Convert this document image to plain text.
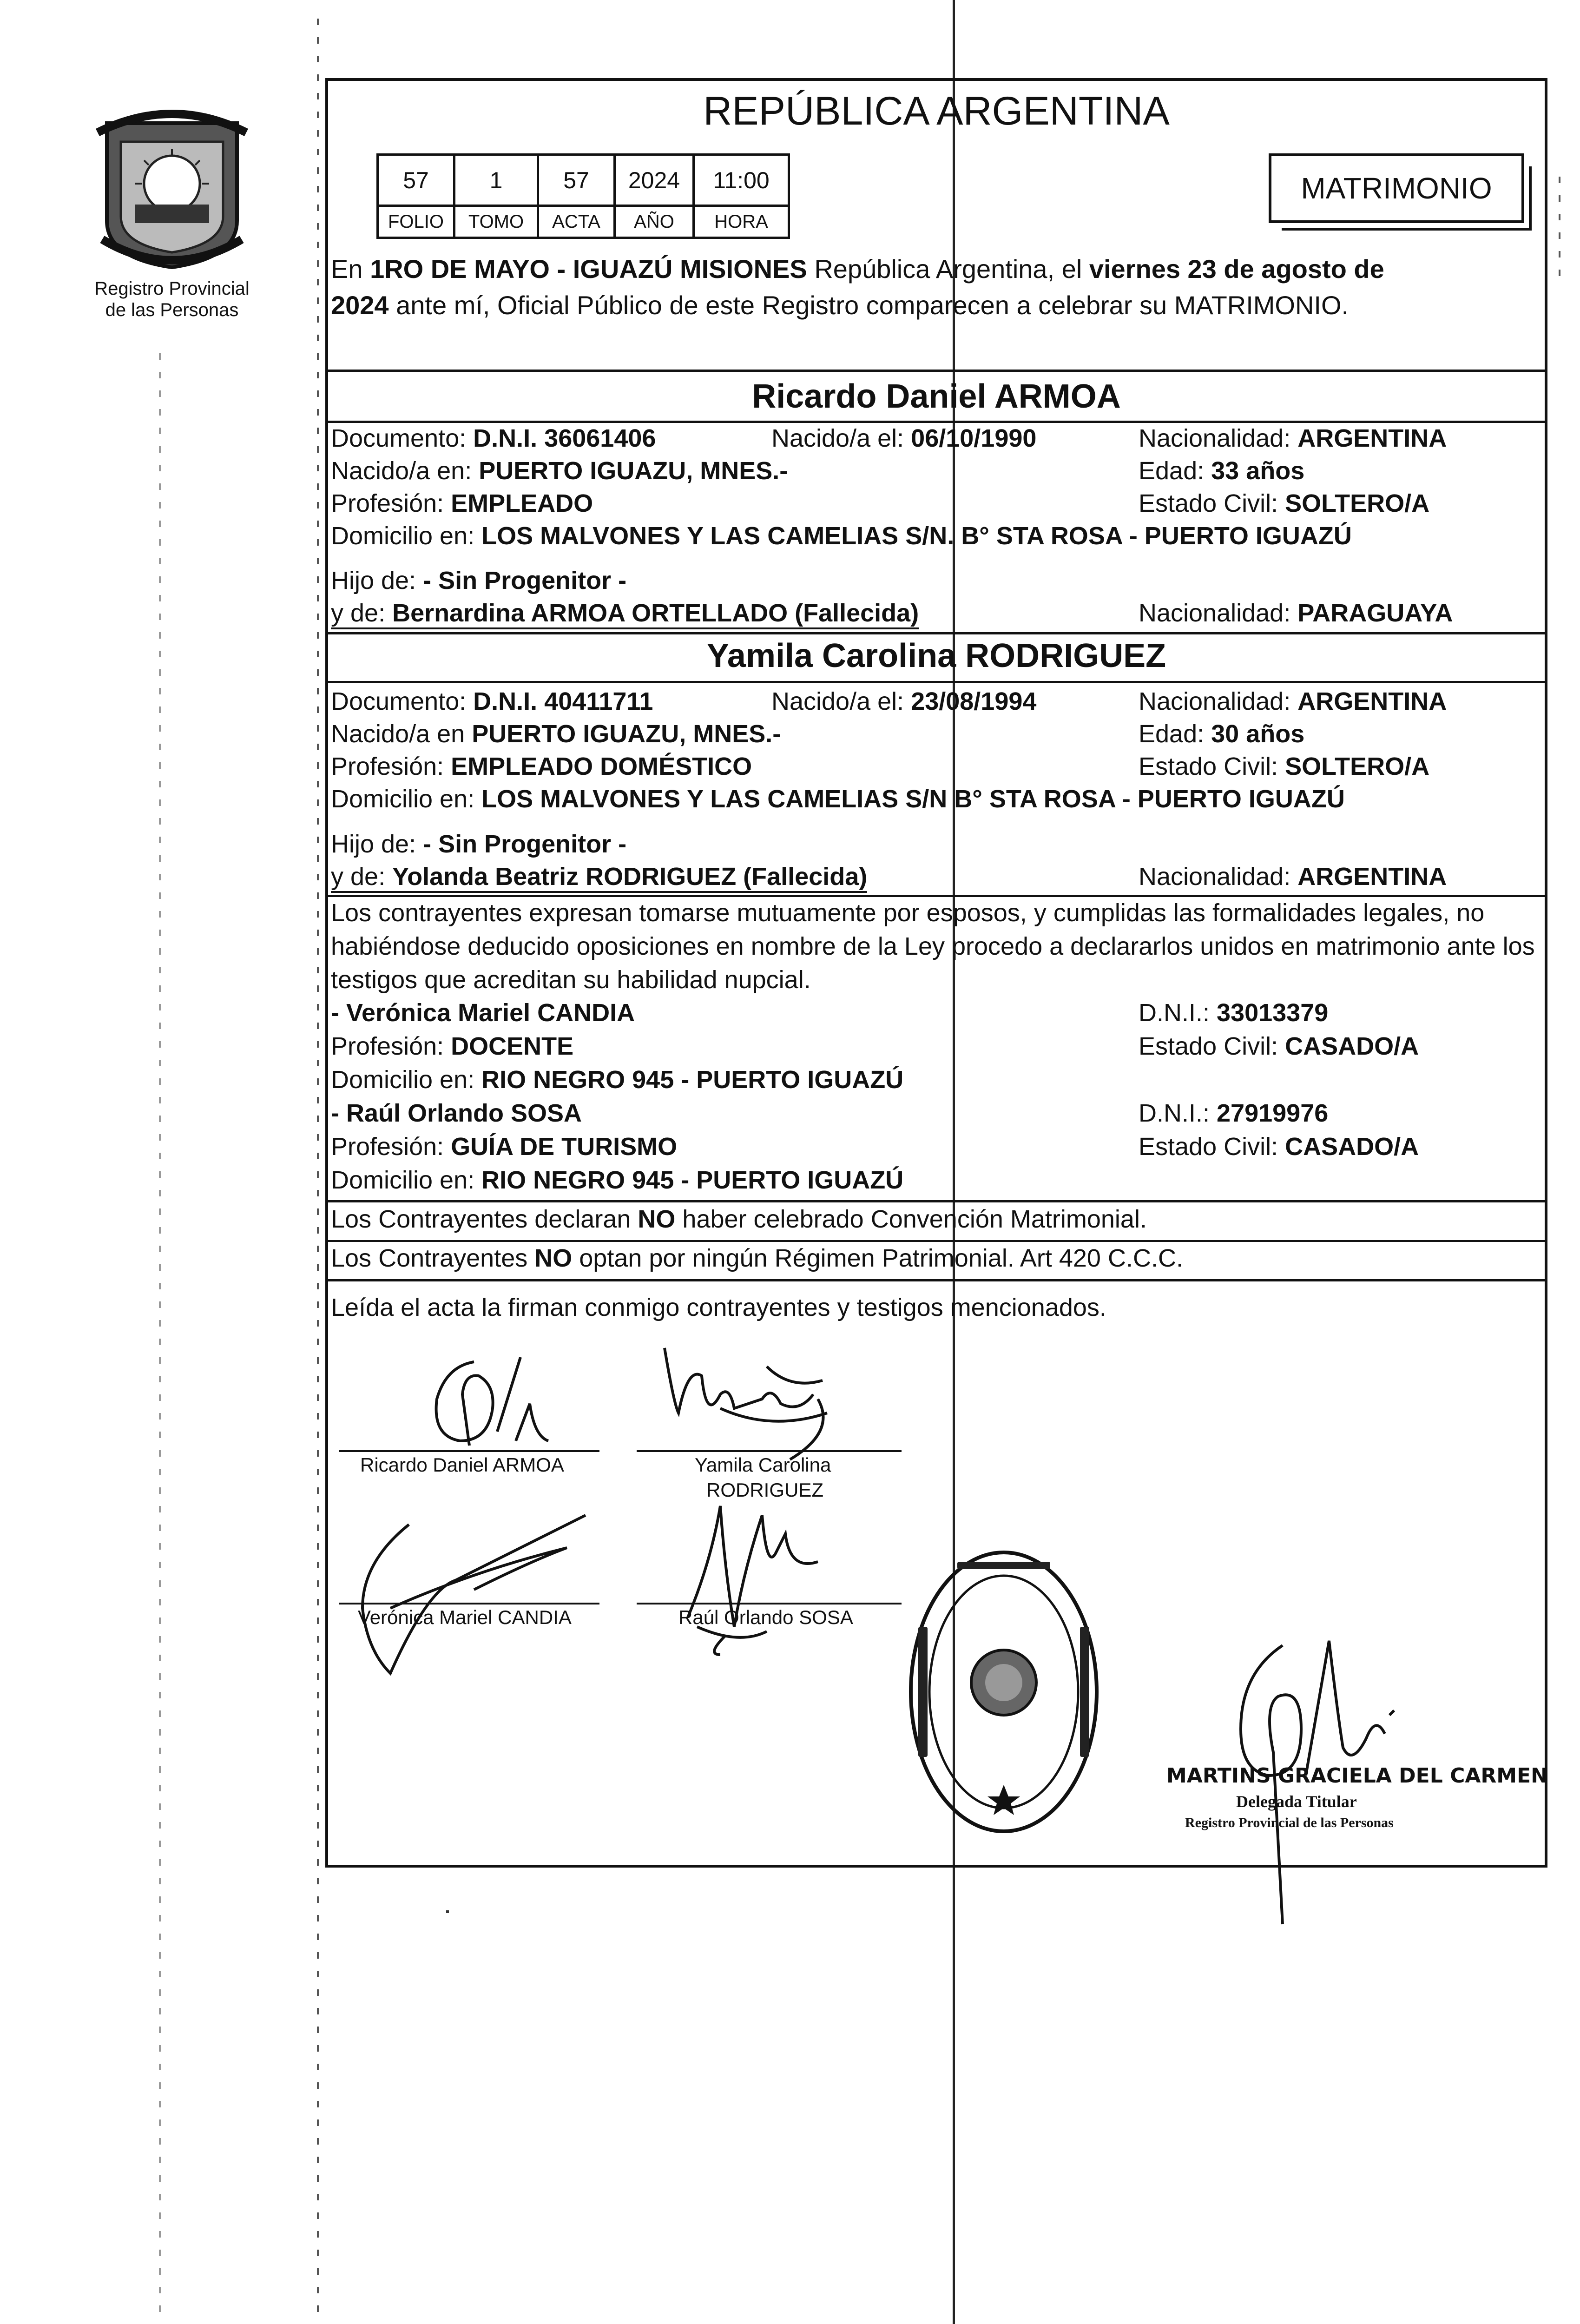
Registro Provincial
de las Personas
REPÚBLICA ARGENTINA
57	1	57	2024	11:00
FOLIO	TOMO	ACTA	AÑO	HORA
MATRIMONIO
En 1RO DE MAYO - IGUAZÚ MISIONES República Argentina, el viernes 23 de agosto de
2024 ante mí, Oficial Público de este Registro comparecen a celebrar su MATRIMONIO.
Ricardo Daniel ARMOA
Documento: D.N.I. 36061406	Nacido/a el: 06/10/1990	Nacionalidad: ARGENTINA
Nacido/a en: PUERTO IGUAZU, MNES.-	Edad: 33 años
Profesión: EMPLEADO	Estado Civil: SOLTERO/A
Domicilio en: LOS MALVONES Y LAS CAMELIAS S/N. B° STA ROSA - PUERTO IGUAZÚ
Hijo de: - Sin Progenitor -
y de: Bernardina ARMOA ORTELLADO (Fallecida)	Nacionalidad: PARAGUAYA
Yamila Carolina RODRIGUEZ
Documento: D.N.I. 40411711	Nacido/a el: 23/08/1994	Nacionalidad: ARGENTINA
Nacido/a en PUERTO IGUAZU, MNES.-	Edad: 30 años
Profesión: EMPLEADO DOMÉSTICO	Estado Civil: SOLTERO/A
Domicilio en: LOS MALVONES Y LAS CAMELIAS S/N B° STA ROSA - PUERTO IGUAZÚ
Hijo de: - Sin Progenitor -
y de: Yolanda Beatriz RODRIGUEZ (Fallecida)	Nacionalidad: ARGENTINA
Los contrayentes expresan tomarse mutuamente por esposos, y cumplidas las formalidades legales, no habiéndose deducido oposiciones en nombre de la Ley procedo a declararlos unidos en matrimonio ante los testigos que acreditan su habilidad nupcial.
- Verónica Mariel CANDIA	D.N.I.: 33013379
Profesión: DOCENTE	Estado Civil: CASADO/A
Domicilio en: RIO NEGRO 945 - PUERTO IGUAZÚ
- Raúl Orlando SOSA	D.N.I.: 27919976
Profesión: GUÍA DE TURISMO	Estado Civil: CASADO/A
Domicilio en: RIO NEGRO 945 - PUERTO IGUAZÚ
Los Contrayentes declaran NO haber celebrado Convención Matrimonial.
Los Contrayentes NO optan por ningún Régimen Patrimonial. Art 420 C.C.C.
Leída el acta la firman conmigo contrayentes y testigos mencionados.
Ricardo Daniel ARMOA	Yamila Carolina
RODRIGUEZ
Verónica Mariel CANDIA	Raúl Orlando SOSA
MARTINS GRACIELA DEL CARMEN
Delegada Titular
Registro Provincial de las Personas
